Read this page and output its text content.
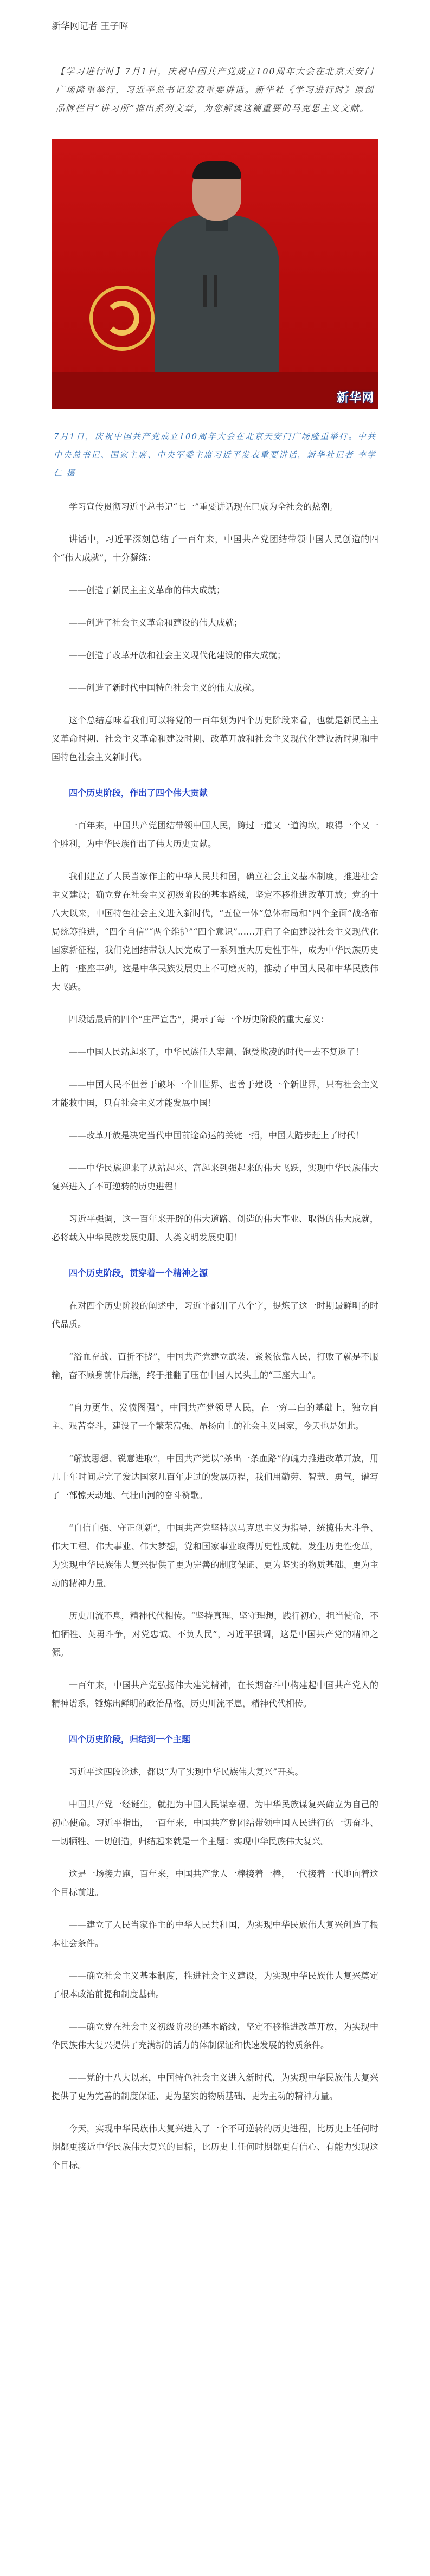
新华网记者 王子晖
【学习进行时】7月1日，庆祝中国共产党成立100周年大会在北京天安门广场隆重举行，习近平总书记发表重要讲话。新华社《学习进行时》原创品牌栏目“讲习所”推出系列文章，为您解读这篇重要的马克思主义文献。
新华网
7月1日，庆祝中国共产党成立100周年大会在北京天安门广场隆重举行。中共中央总书记、国家主席、中央军委主席习近平发表重要讲话。新华社记者 李学仁 摄

学习宣传贯彻习近平总书记“七一”重要讲话现在已成为全社会的热潮。

讲话中，习近平深刻总结了一百年来，中国共产党团结带领中国人民创造的四个“伟大成就”，十分凝练：

——创造了新民主主义革命的伟大成就；

——创造了社会主义革命和建设的伟大成就；

——创造了改革开放和社会主义现代化建设的伟大成就；

——创造了新时代中国特色社会主义的伟大成就。

这个总结意味着我们可以将党的一百年划为四个历史阶段来看，也就是新民主主义革命时期、社会主义革命和建设时期、改革开放和社会主义现代化建设新时期和中国特色社会主义新时代。

四个历史阶段，作出了四个伟大贡献

一百年来，中国共产党团结带领中国人民，跨过一道又一道沟坎，取得一个又一个胜利，为中华民族作出了伟大历史贡献。

我们建立了人民当家作主的中华人民共和国，确立社会主义基本制度，推进社会主义建设；确立党在社会主义初级阶段的基本路线，坚定不移推进改革开放；党的十八大以来，中国特色社会主义进入新时代，“五位一体”总体布局和“四个全面”战略布局统筹推进，“四个自信”“两个维护”“四个意识”……开启了全面建设社会主义现代化国家新征程，我们党团结带领人民完成了一系列重大历史性事件，成为中华民族历史上的一座座丰碑。这是中华民族发展史上不可磨灭的，推动了中国人民和中华民族伟大飞跃。

四段话最后的四个“庄严宣告”，揭示了每一个历史阶段的重大意义：

——中国人民站起来了，中华民族任人宰割、饱受欺凌的时代一去不复返了！

——中国人民不但善于破坏一个旧世界、也善于建设一个新世界，只有社会主义才能救中国，只有社会主义才能发展中国！

——改革开放是决定当代中国前途命运的关键一招，中国大踏步赶上了时代！

——中华民族迎来了从站起来、富起来到强起来的伟大飞跃，实现中华民族伟大复兴进入了不可逆转的历史进程！

习近平强调，这一百年来开辟的伟大道路、创造的伟大事业、取得的伟大成就，必将载入中华民族发展史册、人类文明发展史册！

四个历史阶段，贯穿着一个精神之源

在对四个历史阶段的阐述中，习近平都用了八个字，提炼了这一时期最鲜明的时代品质。

“浴血奋战、百折不挠”，中国共产党建立武装、紧紧依靠人民，打败了就是不服输，奋不顾身前仆后继，终于推翻了压在中国人民头上的“三座大山”。

“自力更生、发愤图强”，中国共产党领导人民，在一穷二白的基础上，独立自主、艰苦奋斗，建设了一个繁荣富强、昂扬向上的社会主义国家，今天也是如此。

“解放思想、锐意进取”，中国共产党以“杀出一条血路”的魄力推进改革开放，用几十年时间走完了发达国家几百年走过的发展历程，我们用勤劳、智慧、勇气，谱写了一部惊天动地、气壮山河的奋斗赞歌。

“自信自强、守正创新”，中国共产党坚持以马克思主义为指导，统揽伟大斗争、伟大工程、伟大事业、伟大梦想，党和国家事业取得历史性成就、发生历史性变革，为实现中华民族伟大复兴提供了更为完善的制度保证、更为坚实的物质基础、更为主动的精神力量。

历史川流不息，精神代代相传。“坚持真理、坚守理想，践行初心、担当使命，不怕牺牲、英勇斗争，对党忠诚、不负人民”，习近平强调，这是中国共产党的精神之源。

一百年来，中国共产党弘扬伟大建党精神，在长期奋斗中构建起中国共产党人的精神谱系，锤炼出鲜明的政治品格。历史川流不息，精神代代相传。

四个历史阶段，归结到一个主题

习近平这四段论述，都以“为了实现中华民族伟大复兴”开头。

中国共产党一经诞生，就把为中国人民谋幸福、为中华民族谋复兴确立为自己的初心使命。习近平指出，一百年来，中国共产党团结带领中国人民进行的一切奋斗、一切牺牲、一切创造，归结起来就是一个主题：实现中华民族伟大复兴。

这是一场接力跑，百年来，中国共产党人一棒接着一棒，一代接着一代地向着这个目标前进。

——建立了人民当家作主的中华人民共和国，为实现中华民族伟大复兴创造了根本社会条件。

——确立社会主义基本制度，推进社会主义建设，为实现中华民族伟大复兴奠定了根本政治前提和制度基础。

——确立党在社会主义初级阶段的基本路线，坚定不移推进改革开放，为实现中华民族伟大复兴提供了充满新的活力的体制保证和快速发展的物质条件。

——党的十八大以来，中国特色社会主义进入新时代，为实现中华民族伟大复兴提供了更为完善的制度保证、更为坚实的物质基础、更为主动的精神力量。

今天，实现中华民族伟大复兴进入了一个不可逆转的历史进程，比历史上任何时期都更接近中华民族伟大复兴的目标，比历史上任何时期都更有信心、有能力实现这个目标。
